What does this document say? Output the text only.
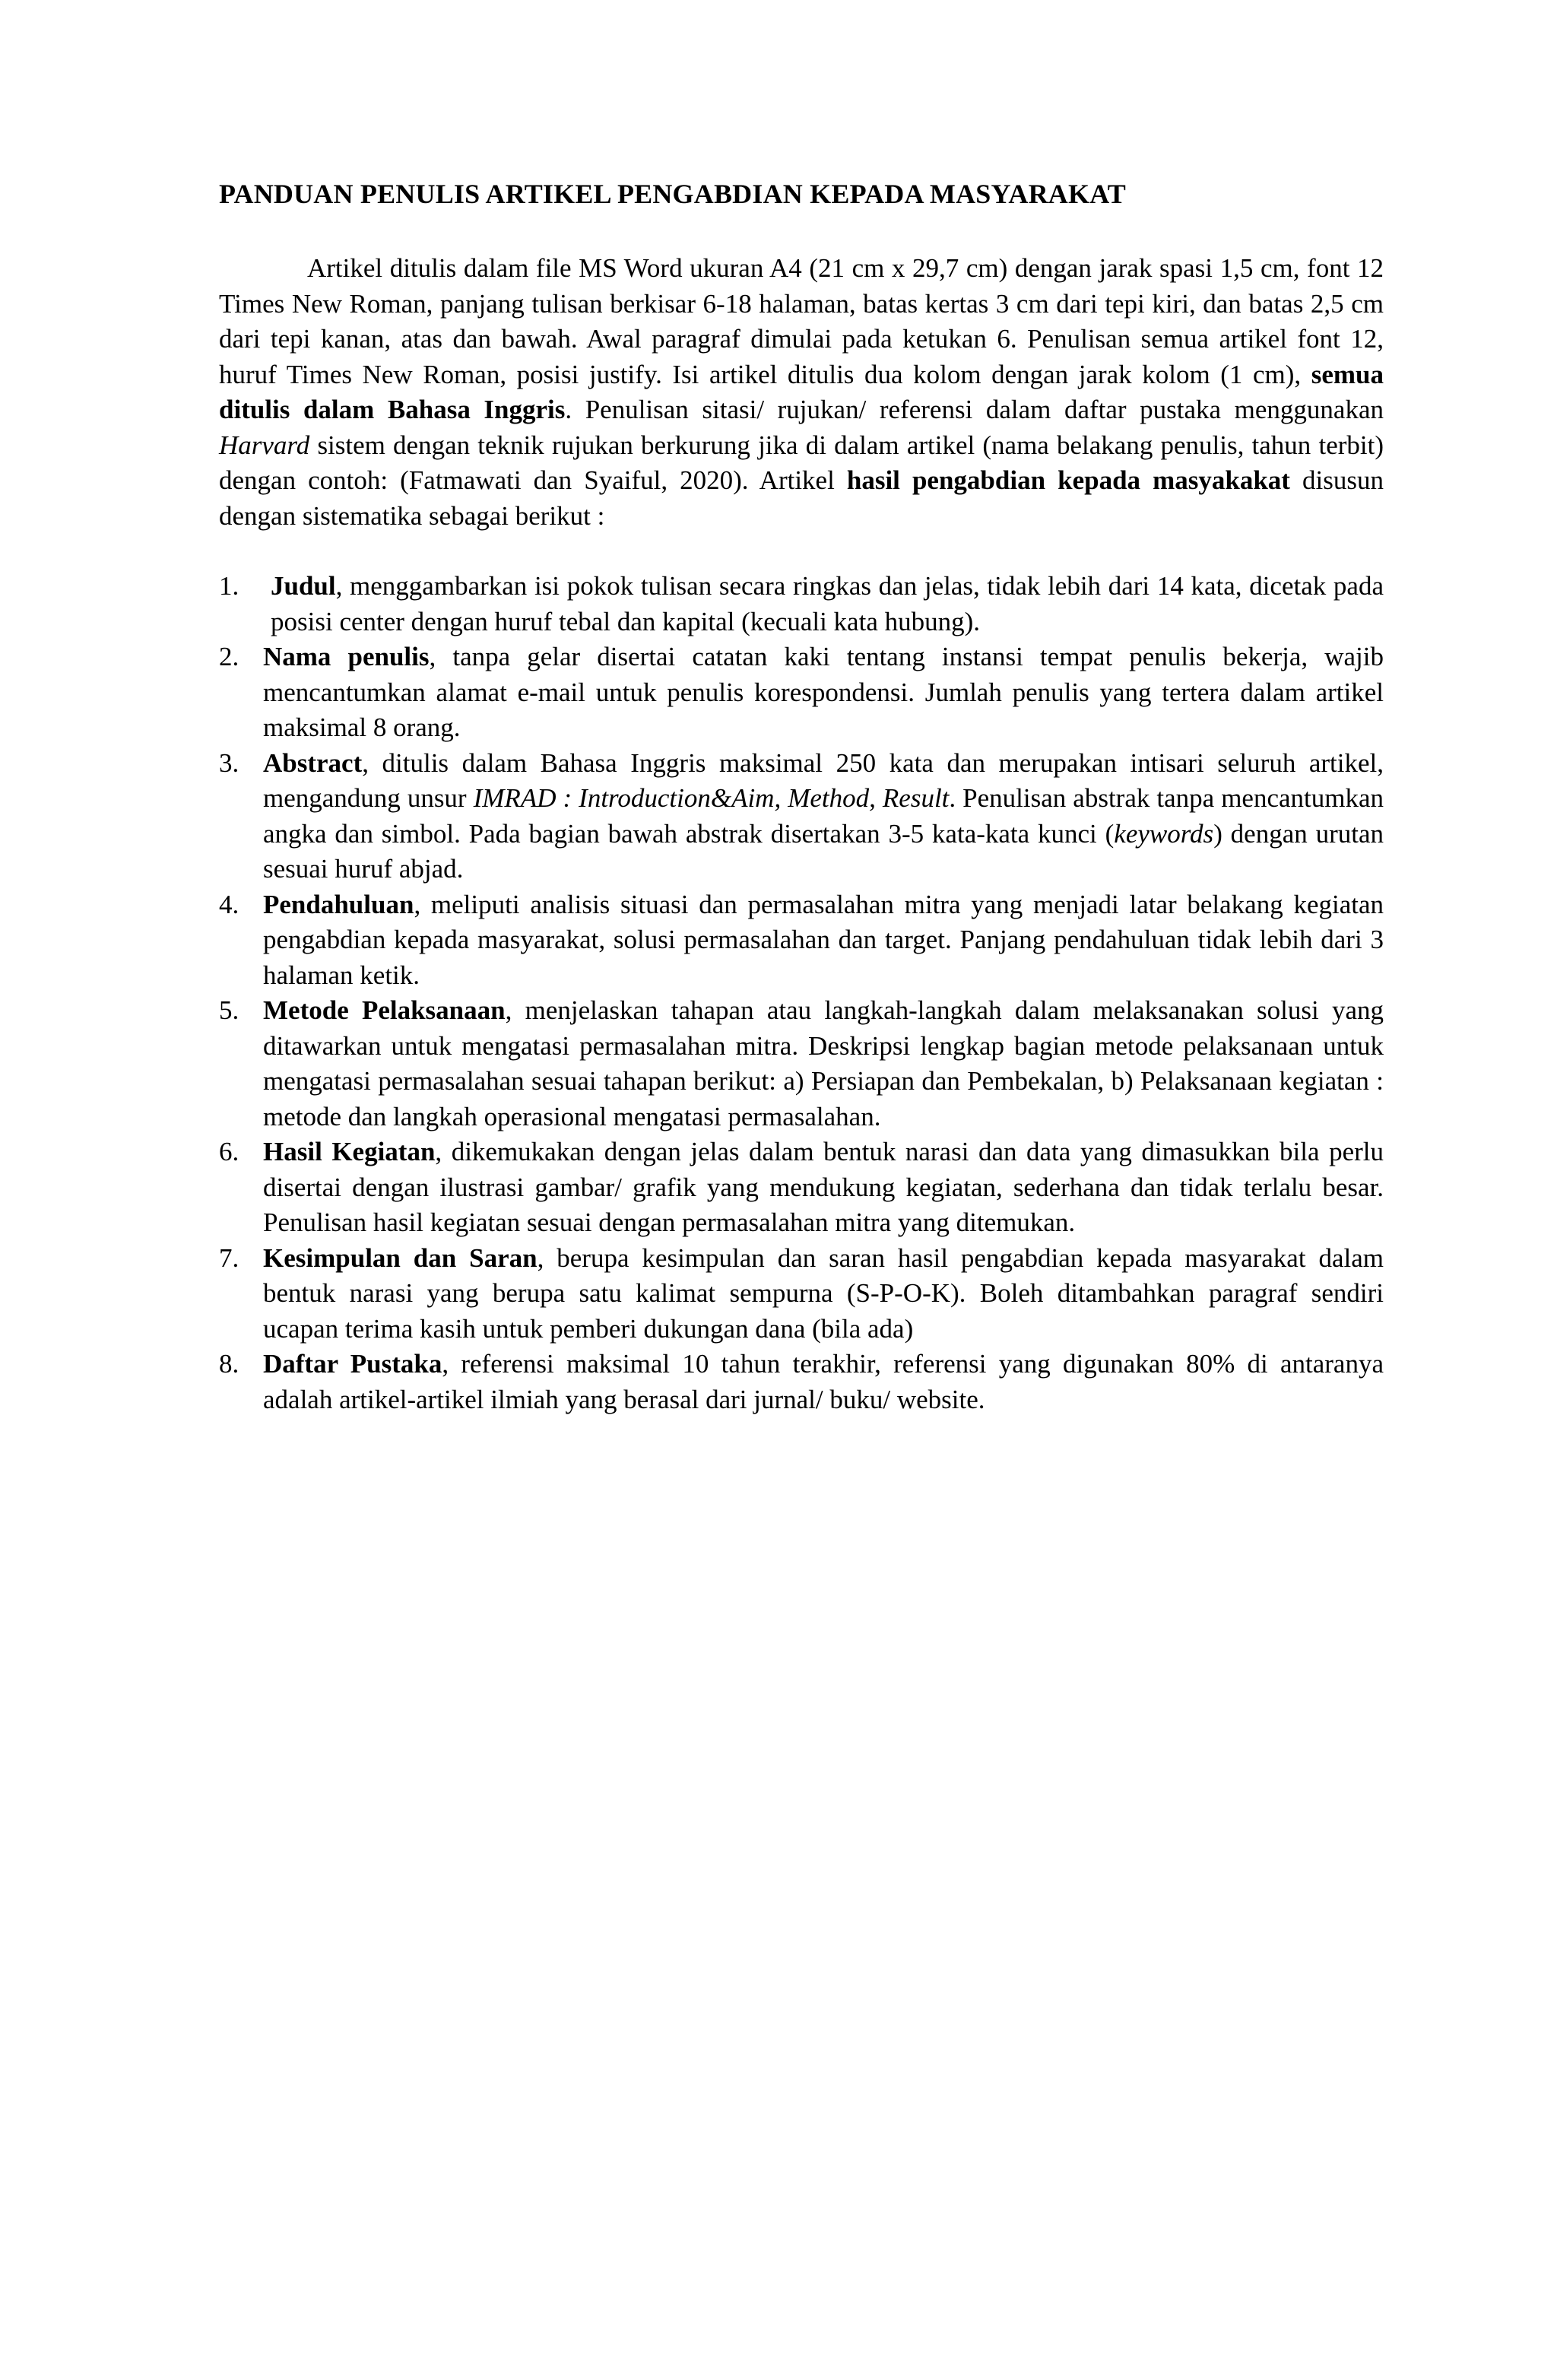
PANDUAN PENULIS ARTIKEL PENGABDIAN KEPADA MASYARAKAT

Artikel ditulis dalam file MS Word ukuran A4 (21 cm x 29,7 cm) dengan jarak spasi 1,5 cm, font 12 Times New Roman, panjang tulisan berkisar 6-18 halaman, batas kertas 3 cm dari tepi kiri, dan batas 2,5 cm dari tepi kanan, atas dan bawah. Awal paragraf dimulai pada ketukan 6. Penulisan semua artikel font 12, huruf Times New Roman, posisi justify. Isi artikel ditulis dua kolom dengan jarak kolom (1 cm), semua ditulis dalam Bahasa Inggris. Penulisan sitasi/ rujukan/ referensi dalam daftar pustaka menggunakan Harvard sistem dengan teknik rujukan berkurung jika di dalam artikel (nama belakang penulis, tahun terbit) dengan contoh: (Fatmawati dan Syaiful, 2020). Artikel hasil pengabdian kepada masyakakat disusun dengan sistematika sebagai berikut :

1. Judul, menggambarkan isi pokok tulisan secara ringkas dan jelas, tidak lebih dari 14 kata, dicetak pada posisi center dengan huruf tebal dan kapital (kecuali kata hubung).
2. Nama penulis, tanpa gelar disertai catatan kaki tentang instansi tempat penulis bekerja, wajib mencantumkan alamat e-mail untuk penulis korespondensi. Jumlah penulis yang tertera dalam artikel maksimal 8 orang.
3. Abstract, ditulis dalam Bahasa Inggris maksimal 250 kata dan merupakan intisari seluruh artikel, mengandung unsur IMRAD : Introduction&Aim, Method, Result. Penulisan abstrak tanpa mencantumkan angka dan simbol. Pada bagian bawah abstrak disertakan 3-5 kata-kata kunci (keywords) dengan urutan sesuai huruf abjad.
4. Pendahuluan, meliputi analisis situasi dan permasalahan mitra yang menjadi latar belakang kegiatan pengabdian kepada masyarakat, solusi permasalahan dan target. Panjang pendahuluan tidak lebih dari 3 halaman ketik.
5. Metode Pelaksanaan, menjelaskan tahapan atau langkah-langkah dalam melaksanakan solusi yang ditawarkan untuk mengatasi permasalahan mitra. Deskripsi lengkap bagian metode pelaksanaan untuk mengatasi permasalahan sesuai tahapan berikut: a) Persiapan dan Pembekalan, b) Pelaksanaan kegiatan : metode dan langkah operasional mengatasi permasalahan.
6. Hasil Kegiatan, dikemukakan dengan jelas dalam bentuk narasi dan data yang dimasukkan bila perlu disertai dengan ilustrasi gambar/ grafik yang mendukung kegiatan, sederhana dan tidak terlalu besar. Penulisan hasil kegiatan sesuai dengan permasalahan mitra yang ditemukan.
7. Kesimpulan dan Saran, berupa kesimpulan dan saran hasil pengabdian kepada masyarakat dalam bentuk narasi yang berupa satu kalimat sempurna (S-P-O-K). Boleh ditambahkan paragraf sendiri ucapan terima kasih untuk pemberi dukungan dana (bila ada)
8. Daftar Pustaka, referensi maksimal 10 tahun terakhir, referensi yang digunakan 80% di antaranya adalah artikel-artikel ilmiah yang berasal dari jurnal/ buku/ website.
